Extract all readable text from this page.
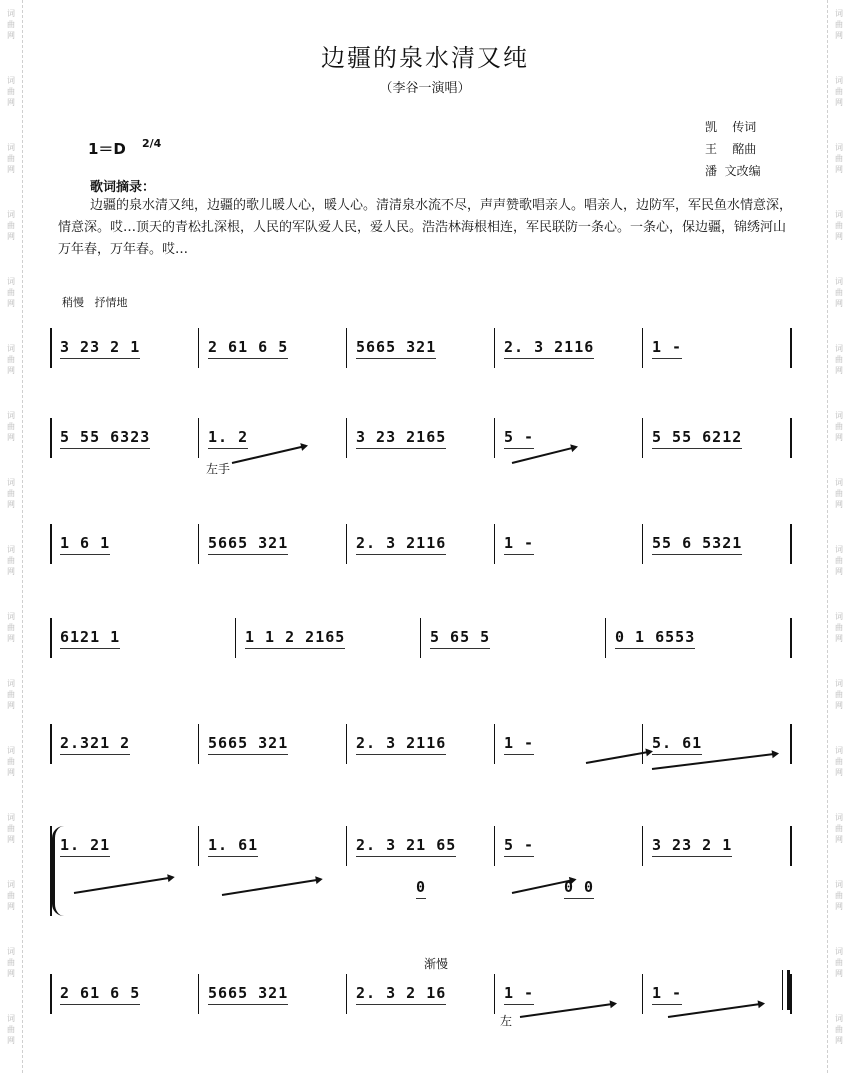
词
曲
网
词
曲
网
词
曲
网
词
曲
网
词
曲
网
词
曲
网
词
曲
网
词
曲
网
词
曲
网
词
曲
网
词
曲
网
词
曲
网
词
曲
网
词
曲
网
词
曲
网
词
曲
网
词
曲
网
词
曲
网
词
曲
网
词
曲
网
词
曲
网
词
曲
网
词
曲
网
词
曲
网
词
曲
网
词
曲
网
词
曲
网
词
曲
网
词
曲
网
词
曲
网
词
曲
网
词
曲
网
边疆的泉水清又纯
（李谷一演唱）
凯    传词
王    酩曲
潘  文改编
1＝D 2/4
歌词摘录：
边疆的泉水清又纯，边疆的歌儿暖人心，暖人心。清清泉水流不尽，声声赞歌唱亲人。唱亲人，边防军，军民鱼水情意深，情意深。哎…顶天的青松扎深根，人民的军队爱人民，爱人民。浩浩林海根相连，军民联防一条心。一条心，保边疆，锦绣河山万年春，万年春。哎…
稍慢 抒情地
3 23 2 1	2 61 6 5	5665 321	2. 3 2116	1 -
5 55 6323	1. 2	3 23 2165	5 -	5 55 6212
1 6 1	5665 321	2. 3 2116	1 -	55 6 5321
6121 1	1 1 2 2165	5 65 5	0 1 6553
2.321 2	5665 321	2. 3 2116	1 -	5. 61
1. 21	1. 61	2. 3 21 65	5 -	3 23 2 1
0	0 0
2 61 6 5	5665 321	2. 3 2 16	1 -	1 -
左手
左
渐慢
